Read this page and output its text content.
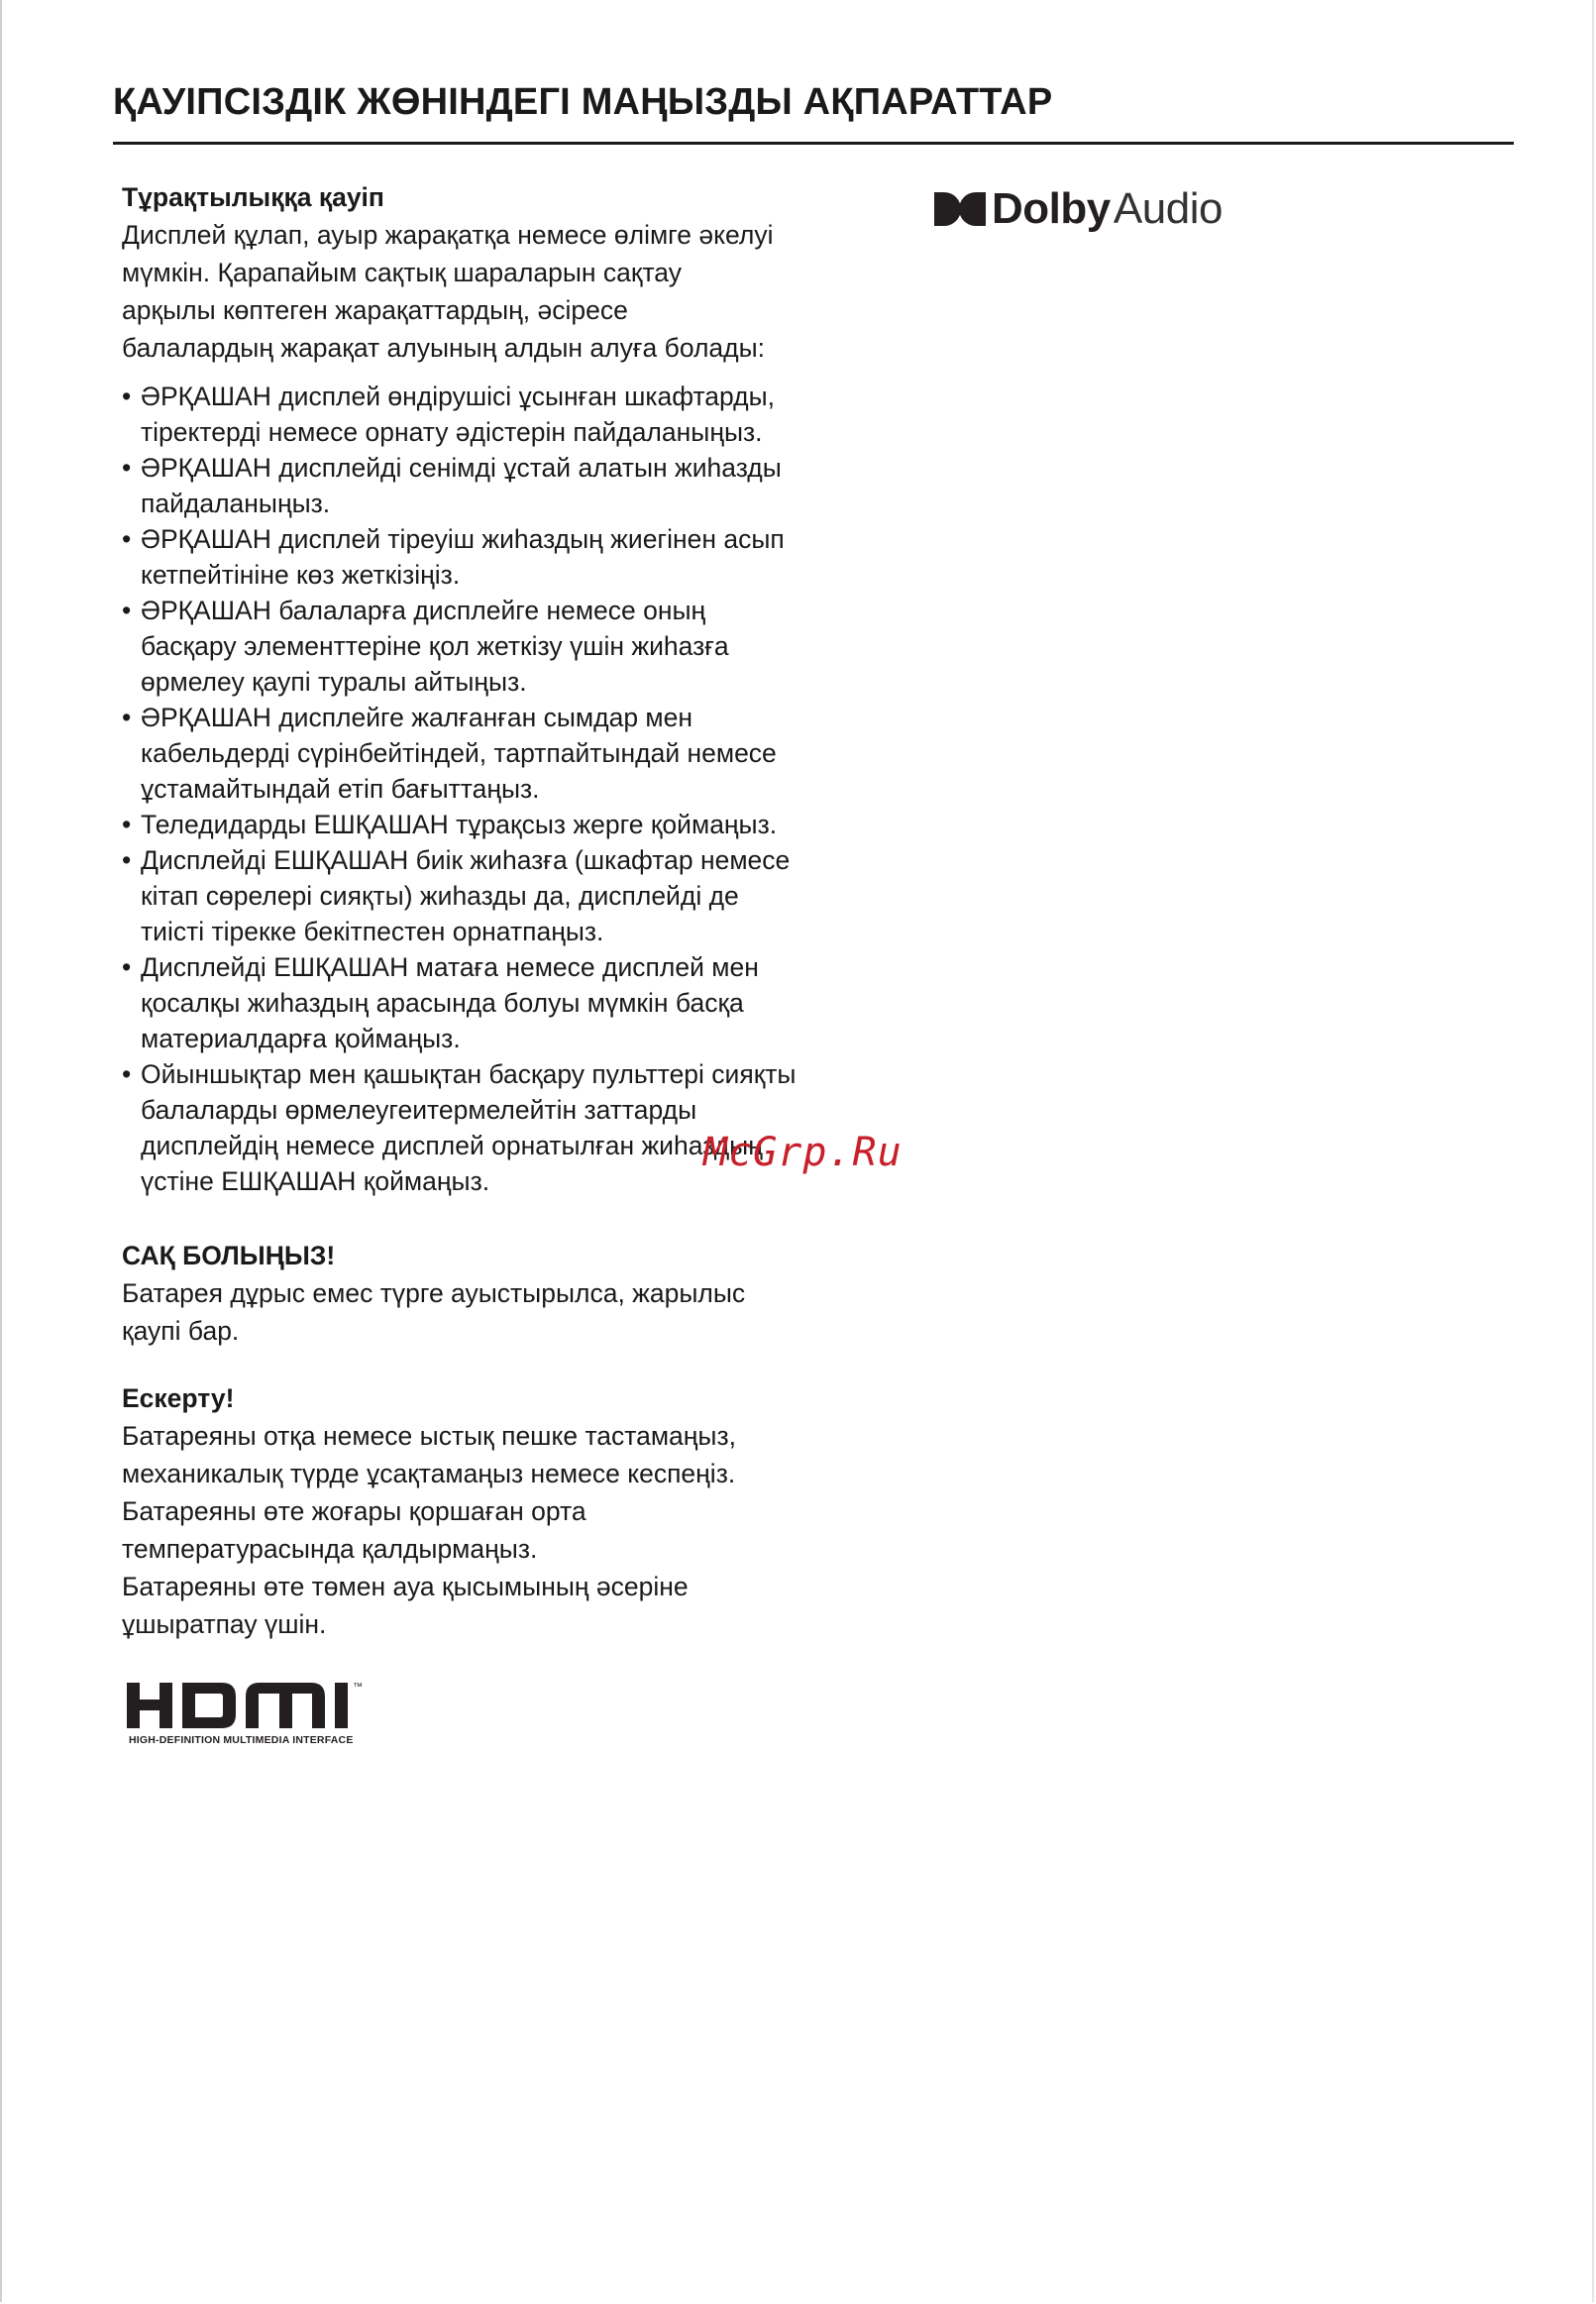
ҚАУІПСІЗДІК ЖӨНІНДЕГІ МАҢЫЗДЫ АҚПАРАТТАР

Тұрақтылыққа қауіп

Дисплей құлап, ауыр жарақатқа немесе өлімге әкелуі
мүмкін. Қарапайым сақтық шараларын сақтау
арқылы көптеген жарақаттардың, әсіресе
балалардың жарақат алуының алдын алуға болады:

• ӘРҚАШАН дисплей өндірушісі ұсынған шкафтарды,
тіректерді немесе орнату әдістерін пайдаланыңыз.
• ӘРҚАШАН дисплейді сенімді ұстай алатын жиһазды
пайдаланыңыз.
• ӘРҚАШАН дисплей тіреуіш жиһаздың жиегінен асып
кетпейтініне көз жеткізіңіз.
• ӘРҚАШАН балаларға дисплейге немесе оның
басқару элементтеріне қол жеткізу үшін жиһазға
өрмелеу қаупі туралы айтыңыз.
• ӘРҚАШАН дисплейге жалғанған сымдар мен
кабельдерді сүрінбейтіндей, тартпайтындай немесе
ұстамайтындай етіп бағыттаңыз.
• Теледидарды ЕШҚАШАН тұрақсыз жерге қоймаңыз.
• Дисплейді ЕШҚАШАН биік жиһазға (шкафтар немесе
кітап сөрелері сияқты) жиһазды да, дисплейді де
тиісті тірекке бекітпестен орнатпаңыз.
• Дисплейді ЕШҚАШАН матаға немесе дисплей мен
қосалқы жиһаздың арасында болуы мүмкін басқа
материалдарға қоймаңыз.
• Ойыншықтар мен қашықтан басқару пульттері сияқты
балаларды өрмелеугеитермелейтін заттарды
дисплейдің немесе дисплей орнатылған жиһаздың
үстіне ЕШҚАШАН қоймаңыз.

САҚ БОЛЫҢЫЗ!

Батарея дұрыс емес түрге ауыстырылса, жарылыс
қаупі бар.

Ескерту!

Батареяны отқа немесе ыстық пешке тастамаңыз,
механикалық түрде ұсақтамаңыз немесе кеспеңіз.
Батареяны өте жоғары қоршаған орта
температурасында қалдырмаңыз.
Батареяны өте төмен ауа қысымының әсеріне
ұшыратпау үшін.

Dolby Audio
McGrp.Ru
™
HIGH-DEFINITION MULTIMEDIA INTERFACE
